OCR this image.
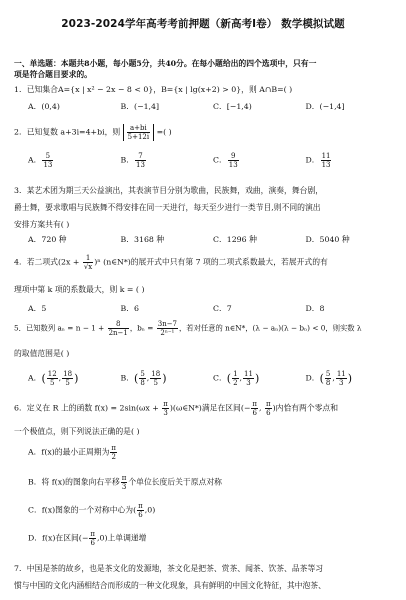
2023-2024学年高考考前押题（新高考Ⅰ卷） 数学模拟试题
一、单选题：本题共8小题，每小题5分，共40分。在每小题给出的四个选项中，只有一
项是符合题目要求的。
1．已知集合A={x | x² − 2x − 8 < 0}，B={x | lg(x+2) > 0}，则 A∩B=( )
A．(0,4)	B．(−1,4]	C．[−1,4)	D．(−1,4]
2．已知复数 a+3i=4+bi，则 $\frac{a+bi}{5+12i}$ =( )
A． $\frac{5}{13}$	B． $\frac{7}{13}$	C． $\frac{9}{13}$	D． $\frac{11}{13}$
3．某艺术团为期三天公益演出，其表演节目分别为歌曲，民族舞，戏曲，演奏，舞台剧，
爵士舞，要求歌唱与民族舞不得安排在同一天进行，每天至少进行一类节目,则不同的演出
安排方案共有( )
A．720 种	B．3168 种	C．1296 种	D．5040 种
4．若二项式$(2x + \frac{1}{√x} )^n$ (n∈N*)的展开式中只有第 7 项的二项式系数最大，若展开式的有
理项中第 k 项的系数最大，则 k = ( )
A．5	B．6	C．7	D．8
5．已知数列 $a_n = n - 1 + \frac{8}{2n-1}$ ，$b_n = \frac{3n-7}{\text{2ⁿ⁻¹}}$ ，若对任意的 n∈N*，(λ − aₙ)(λ − bₙ) < 0，则实数 λ
的取值范围是( )
A．( $\frac{12}{5}$ , $\frac{18}{5}$ )	B．( $\frac{5}{8}$ , $\frac{18}{5}$ )	C．( $\frac{1}{2}$ , $\frac{11}{3}$ )	D．( $\frac{5}{8}$ , $\frac{11}{3}$ )
6．定义在 R 上的函数 $f(x) = 2\sin(\omega x + \frac{\pi}{3}$ )(ω∈N*)满足在区间(− $\frac{\pi}{6}$ , $\frac{\pi}{6}$ )内恰有两个零点和
一个极值点，则下列说法正确的是( )
A．f(x)的最小正周期为 $\frac{\pi}{2}$
B．将 f(x)的图象向右平移 $\frac{\pi}{3}$ 个单位长度后关于原点对称
C．f(x)图象的一个对称中心为( $\frac{\pi}{6} ,0$)
D．f(x)在区间(− $\frac{\pi}{6} ,0$)上单调递增
7．中国是茶的故乡，也是茶文化的发源地，茶文化是把茶、赏茶、闻茶、饮茶、品茶等习
惯与中国的文化内涵相结合而形成的一种文化现象，具有鲜明的中国文化特征，其中泡茶、
